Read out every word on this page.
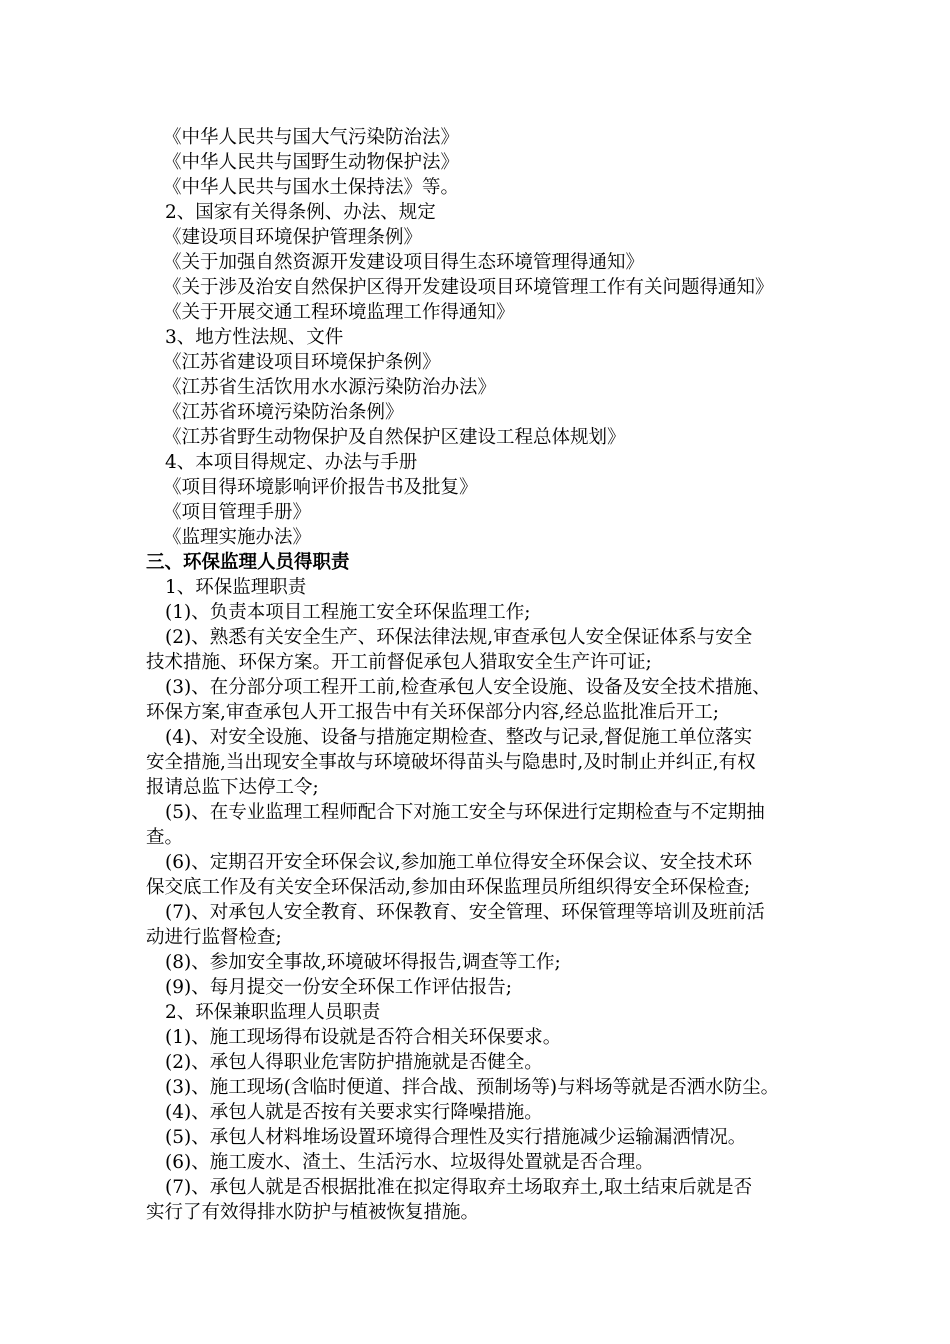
《中华人民共与国大气污染防治法》
《中华人民共与国野生动物保护法》
《中华人民共与国水土保持法》等。
2、国家有关得条例、办法、规定
《建设项目环境保护管理条例》
《关于加强自然资源开发建设项目得生态环境管理得通知》
《关于涉及治安自然保护区得开发建设项目环境管理工作有关问题得通知》
《关于开展交通工程环境监理工作得通知》
3、地方性法规、文件
《江苏省建设项目环境保护条例》
《江苏省生活饮用水水源污染防治办法》
《江苏省环境污染防治条例》
《江苏省野生动物保护及自然保护区建设工程总体规划》
4、本项目得规定、办法与手册
《项目得环境影响评价报告书及批复》
《项目管理手册》
《监理实施办法》
三、环保监理人员得职责
1、环保监理职责
(1)、负责本项目工程施工安全环保监理工作;
(2)、熟悉有关安全生产、环保法律法规,审查承包人安全保证体系与安全
技术措施、环保方案。开工前督促承包人猎取安全生产许可证;
(3)、在分部分项工程开工前,检查承包人安全设施、设备及安全技术措施、
环保方案,审查承包人开工报告中有关环保部分内容,经总监批准后开工;
(4)、对安全设施、设备与措施定期检查、整改与记录,督促施工单位落实
安全措施,当出现安全事故与环境破坏得苗头与隐患时,及时制止并纠正,有权
报请总监下达停工令;
(5)、在专业监理工程师配合下对施工安全与环保进行定期检查与不定期抽
查。
(6)、定期召开安全环保会议,参加施工单位得安全环保会议、安全技术环
保交底工作及有关安全环保活动,参加由环保监理员所组织得安全环保检查;
(7)、对承包人安全教育、环保教育、安全管理、环保管理等培训及班前活
动进行监督检查;
(8)、参加安全事故,环境破坏得报告,调查等工作;
(9)、每月提交一份安全环保工作评估报告;
2、环保兼职监理人员职责
(1)、施工现场得布设就是否符合相关环保要求。
(2)、承包人得职业危害防护措施就是否健全。
(3)、施工现场(含临时便道、拌合战、预制场等)与料场等就是否洒水防尘。
(4)、承包人就是否按有关要求实行降噪措施。
(5)、承包人材料堆场设置环境得合理性及实行措施减少运输漏洒情况。
(6)、施工废水、渣土、生活污水、垃圾得处置就是否合理。
(7)、承包人就是否根据批准在拟定得取弃土场取弃土,取土结束后就是否
实行了有效得排水防护与植被恢复措施。
